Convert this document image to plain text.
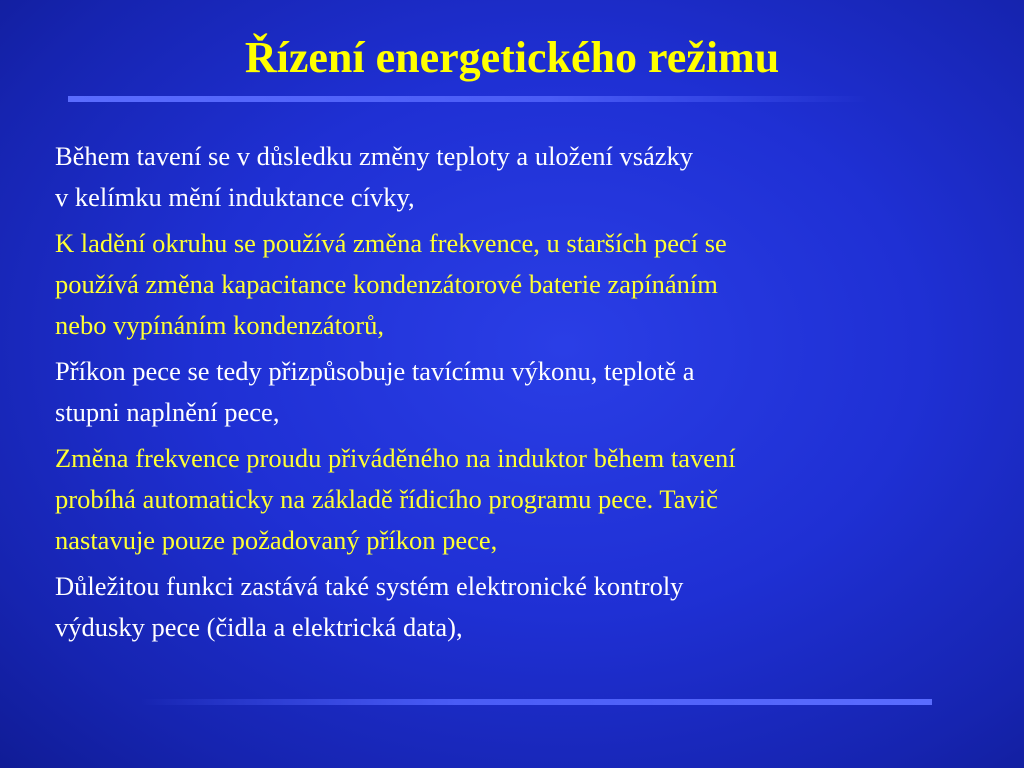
Řízení energetického režimu

Během tavení se v důsledku změny teploty a uložení vsázky
v kelímku mění induktance cívky,

K ladění okruhu se používá změna frekvence, u starších pecí se
používá změna kapacitance kondenzátorové baterie zapínáním
nebo vypínáním kondenzátorů,

Příkon pece se tedy přizpůsobuje tavícímu výkonu, teplotě a
stupni naplnění pece,

Změna frekvence proudu přiváděného na induktor během tavení
probíhá automaticky na základě řídicího programu pece. Tavič
nastavuje pouze požadovaný příkon pece,

Důležitou funkci zastává také systém elektronické kontroly
výdusky pece (čidla a elektrická data),
